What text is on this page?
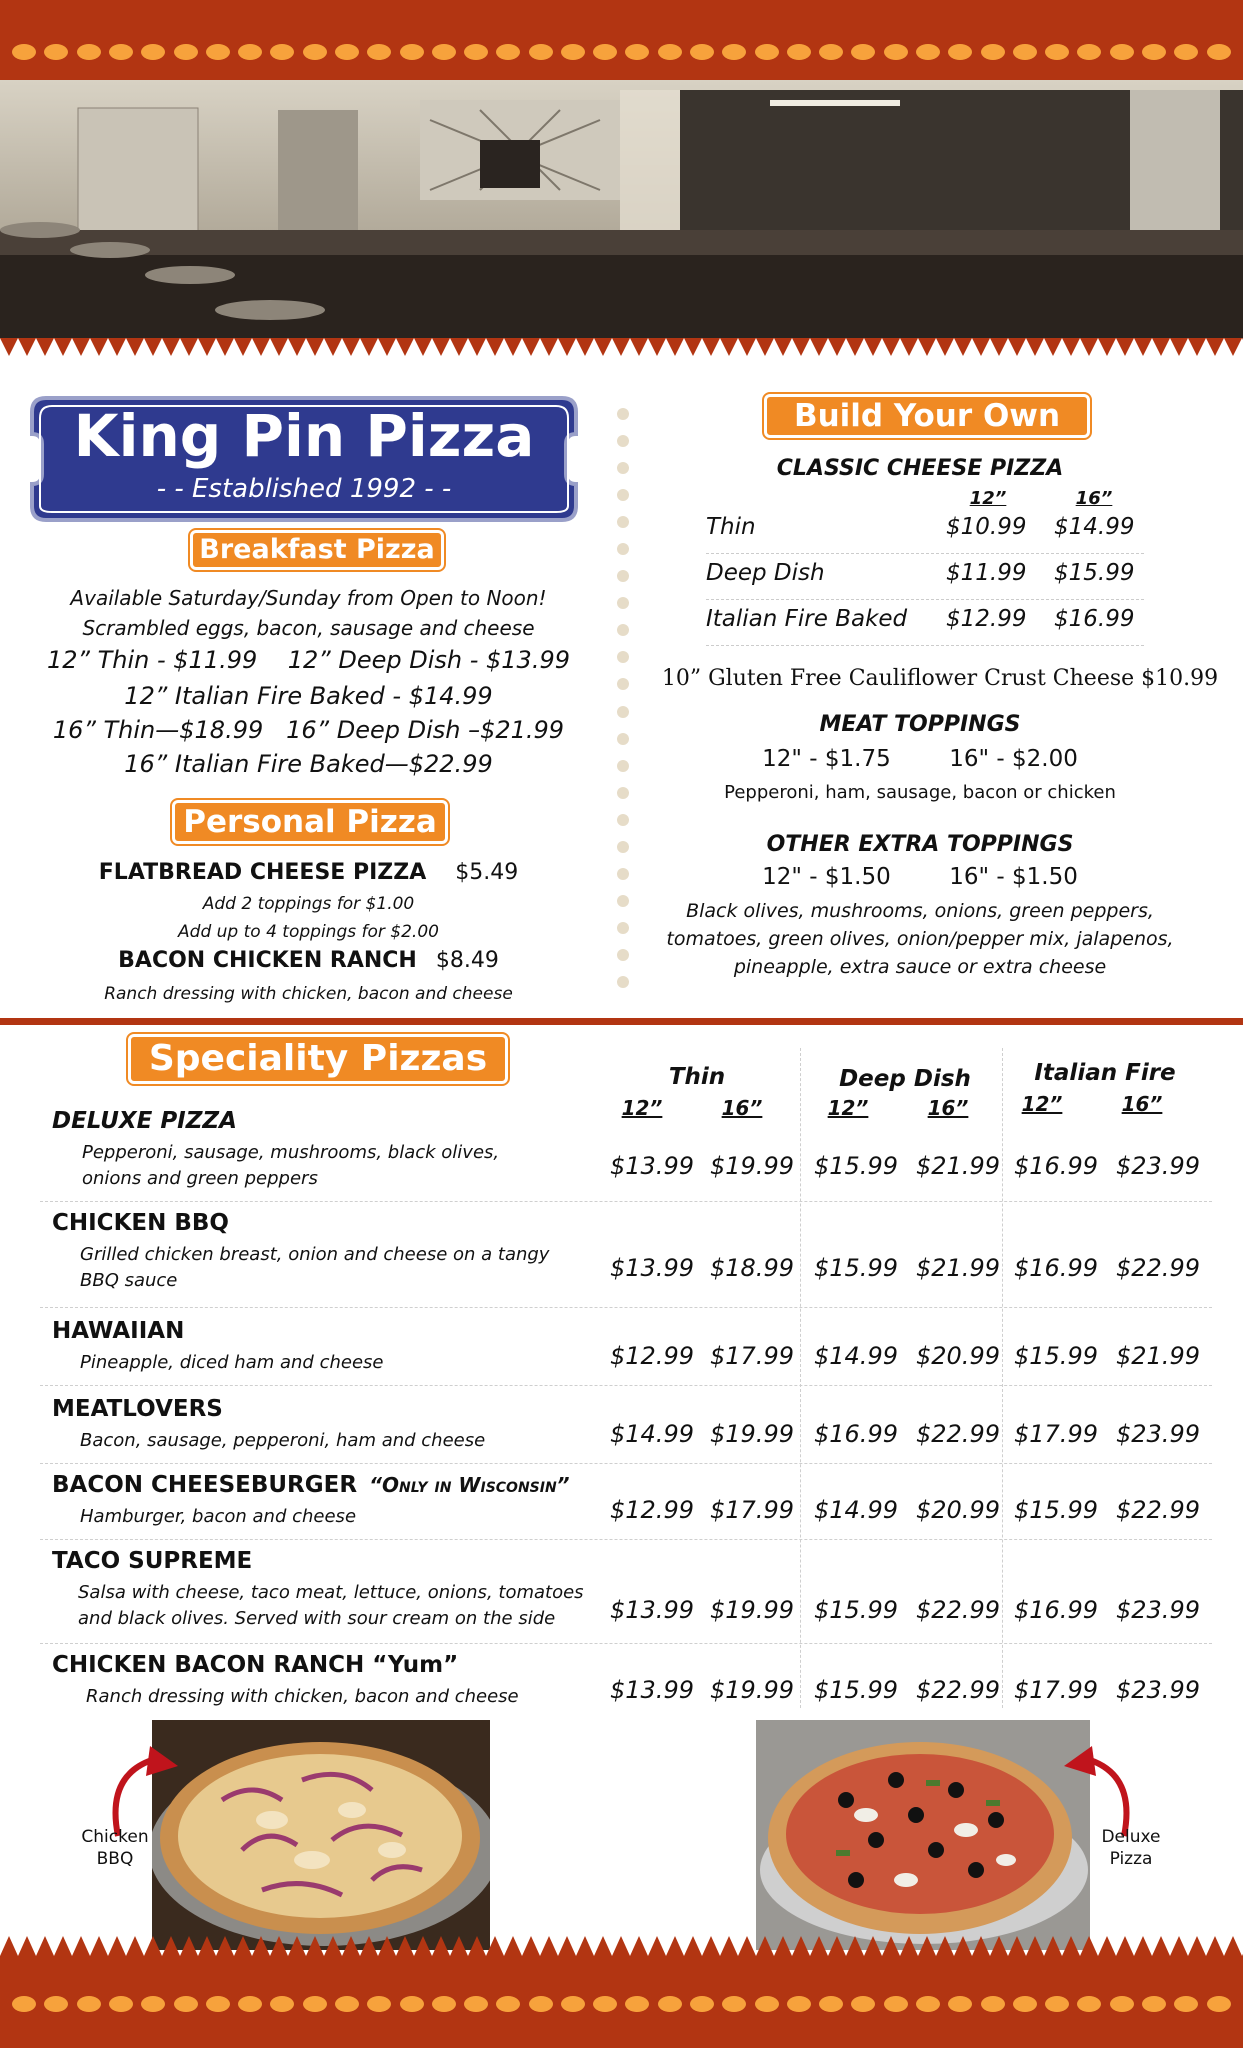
King Pin Pizza
- - Established 1992 - -
Breakfast Pizza
Available Saturday/Sunday from Open to Noon!
Scrambled eggs, bacon, sausage and cheese
12” Thin - $11.99    12” Deep Dish - $13.99
12” Italian Fire Baked - $14.99
16” Thin—$18.99   16” Deep Dish –$21.99
16” Italian Fire Baked—$22.99
Personal Pizza
FLATBREAD CHEESE PIZZA $5.49
Add 2 toppings for $1.00
Add up to 4 toppings for $2.00
BACON CHICKEN RANCH $8.49
Ranch dressing with chicken, bacon and cheese
Build Your Own
CLASSIC CHEESE PIZZA
12”	16”
Thin	$10.99 $14.99
Deep Dish	$11.99 $15.99
Italian Fire Baked $12.99 $16.99
10” Gluten Free Cauliflower Crust Cheese $10.99
MEAT TOPPINGS
12" - $1.75        16" - $2.00
Pepperoni, ham, sausage, bacon or chicken
OTHER EXTRA TOPPINGS
12" - $1.50        16" - $1.50
Black olives, mushrooms, onions, green peppers,
tomatoes, green olives, onion/pepper mix, jalapenos,
pineapple, extra sauce or extra cheese
Speciality Pizzas	Thin	Deep Dish	Italian Fire
12”	16”	12”	16”	12”	16”
DELUXE PIZZA
Pepperoni, sausage, mushrooms, black olives,
onions and green peppers	$13.99 $19.99 $15.99 $21.99 $16.99 $23.99
CHICKEN BBQ
Grilled chicken breast, onion and cheese on a tangy
BBQ sauce	$13.99 $18.99 $15.99 $21.99 $16.99 $22.99
HAWAIIAN
Pineapple, diced ham and cheese	$12.99 $17.99 $14.99 $20.99 $15.99 $21.99
MEATLOVERS
Bacon, sausage, pepperoni, ham and cheese	$14.99 $19.99 $16.99 $22.99 $17.99 $23.99
BACON CHEESEBURGER “Only in Wisconsin”
Hamburger, bacon and cheese	$12.99 $17.99 $14.99 $20.99 $15.99 $22.99
TACO SUPREME
Salsa with cheese, taco meat, lettuce, onions, tomatoes
and black olives. Served with sour cream on the side $13.99 $19.99 $15.99 $22.99 $16.99 $23.99
CHICKEN BACON RANCH “Yum”
Ranch dressing with chicken, bacon and cheese	$13.99 $19.99 $15.99 $22.99 $17.99 $23.99
Chicken
BBQ
Deluxe
Pizza
